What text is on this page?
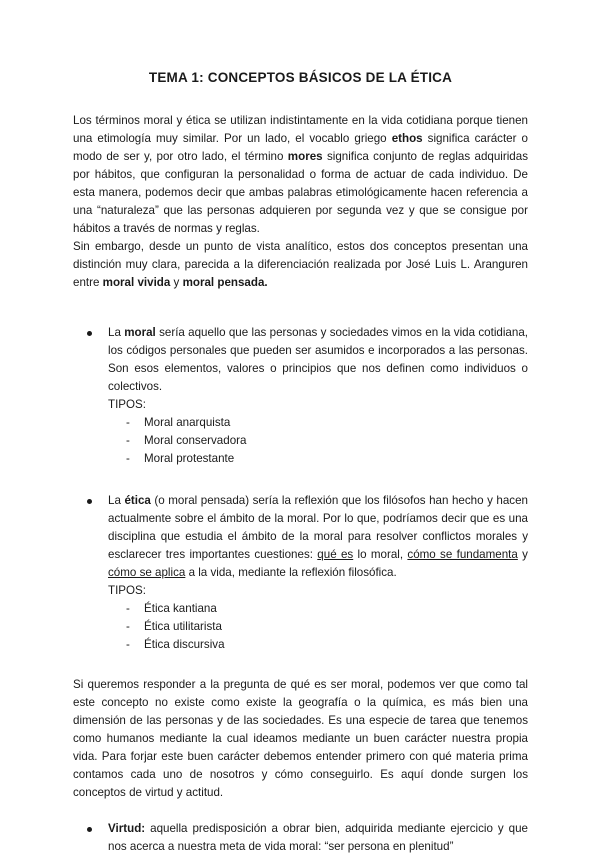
TEMA 1: CONCEPTOS BÁSICOS DE LA ÉTICA

Los términos moral y ética se utilizan indistintamente en la vida cotidiana porque tienen una etimología muy similar. Por un lado, el vocablo griego ethos significa carácter o modo de ser y, por otro lado, el término mores significa conjunto de reglas adquiridas por hábitos, que configuran la personalidad o forma de actuar de cada individuo. De esta manera, podemos decir que ambas palabras etimológicamente hacen referencia a una “naturaleza” que las personas adquieren por segunda vez y que se consigue por hábitos a través de normas y reglas.

Sin embargo, desde un punto de vista analítico, estos dos conceptos presentan una distinción muy clara, parecida a la diferenciación realizada por José Luis L. Aranguren entre moral vivida y moral pensada.

La moral sería aquello que las personas y sociedades vimos en la vida cotidiana, los códigos personales que pueden ser asumidos e incorporados a las personas. Son esos elementos, valores o principios que nos definen como individuos o colectivos.
TIPOS:
- Moral anarquista
- Moral conservadora
- Moral protestante
La ética (o moral pensada) sería la reflexión que los filósofos han hecho y hacen actualmente sobre el ámbito de la moral. Por lo que, podríamos decir que es una disciplina que estudia el ámbito de la moral para resolver conflictos morales y esclarecer tres importantes cuestiones: qué es lo moral, cómo se fundamenta y cómo se aplica a la vida, mediante la reflexión filosófica.
TIPOS:
- Ética kantiana
- Ética utilitarista
- Ética discursiva

Si queremos responder a la pregunta de qué es ser moral, podemos ver que como tal este concepto no existe como existe la geografía o la química, es más bien una dimensión de las personas y de las sociedades. Es una especie de tarea que tenemos como humanos mediante la cual ideamos mediante un buen carácter nuestra propia vida. Para forjar este buen carácter debemos entender primero con qué materia prima contamos cada uno de nosotros y cómo conseguirlo. Es aquí donde surgen los conceptos de virtud y actitud.

Virtud: aquella predisposición a obrar bien, adquirida mediante ejercicio y que nos acerca a nuestra meta de vida moral: “ser persona en plenitud”
